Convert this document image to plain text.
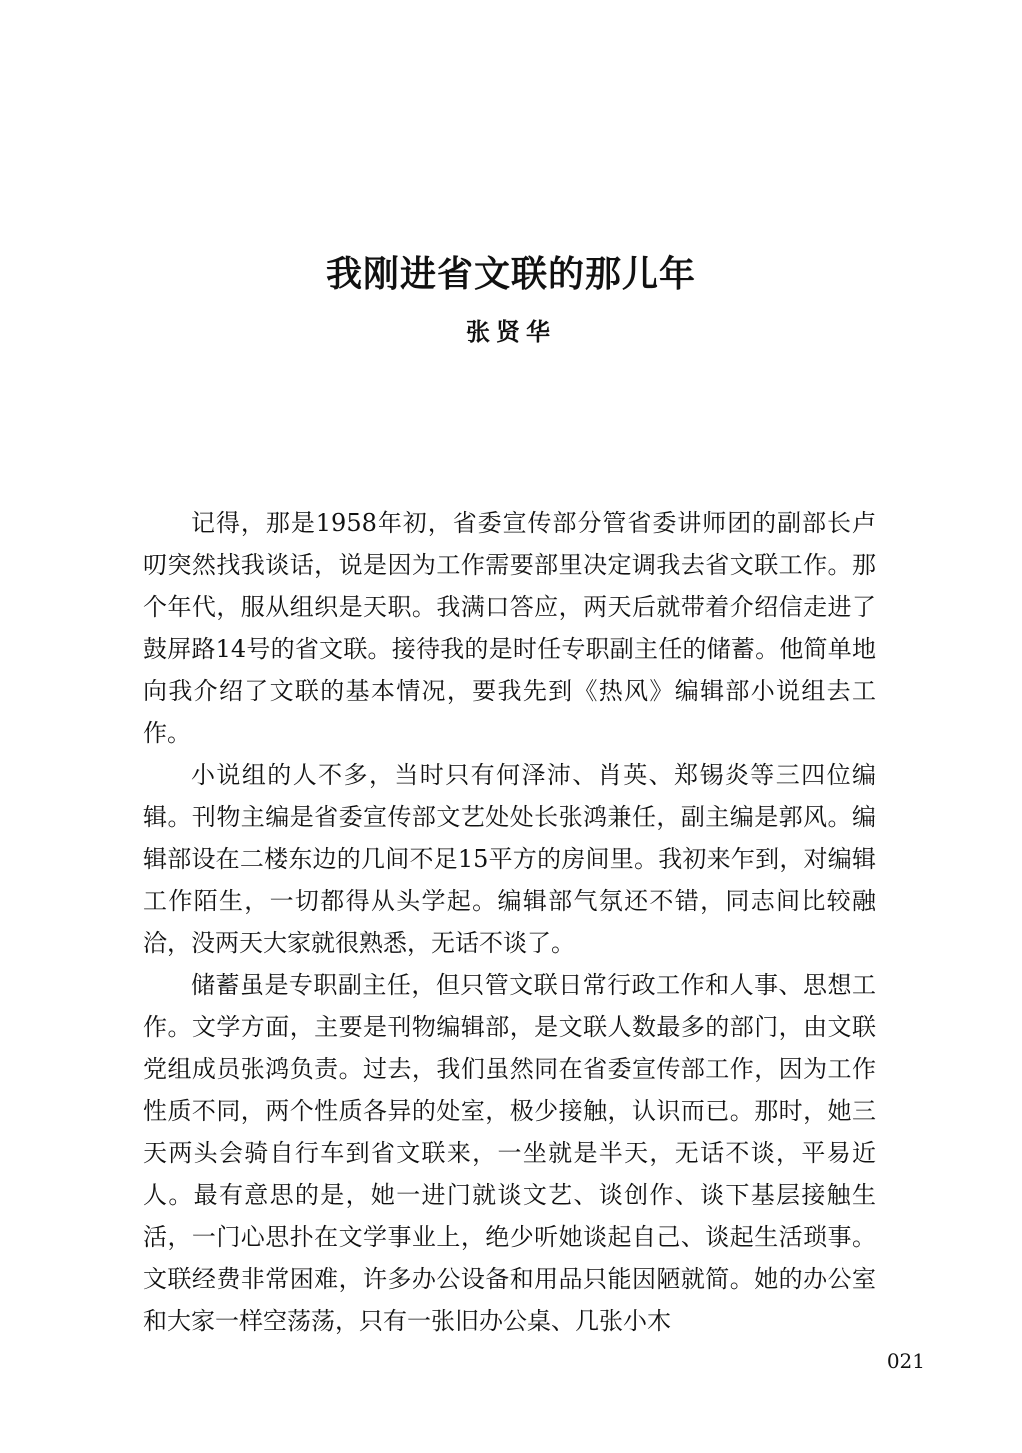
我刚进省文联的那儿年
张贤华

记得，那是1958年初，省委宣传部分管省委讲师团的副部长卢叨突然找我谈话，说是因为工作需要部里决定调我去省文联工作。那个年代，服从组织是天职。我满口答应，两天后就带着介绍信走进了鼓屏路14号的省文联。接待我的是时任专职副主任的储蓄。他简单地向我介绍了文联的基本情况，要我先到《热风》编辑部小说组去工作。

小说组的人不多，当时只有何泽沛、肖英、郑锡炎等三四位编辑。刊物主编是省委宣传部文艺处处长张鸿兼任，副主编是郭风。编辑部设在二楼东边的几间不足15平方的房间里。我初来乍到，对编辑工作陌生，一切都得从头学起。编辑部气氛还不错，同志间比较融洽，没两天大家就很熟悉，无话不谈了。

储蓄虽是专职副主任，但只管文联日常行政工作和人事、思想工作。文学方面，主要是刊物编辑部，是文联人数最多的部门，由文联党组成员张鸿负责。过去，我们虽然同在省委宣传部工作，因为工作性质不同，两个性质各异的处室，极少接触，认识而已。那时，她三天两头会骑自行车到省文联来，一坐就是半天，无话不谈，平易近人。最有意思的是，她一进门就谈文艺、谈创作、谈下基层接触生活，一门心思扑在文学事业上，绝少听她谈起自己、谈起生活琐事。文联经费非常困难，许多办公设备和用品只能因陋就简。她的办公室和大家一样空荡荡，只有一张旧办公桌、几张小木

021
